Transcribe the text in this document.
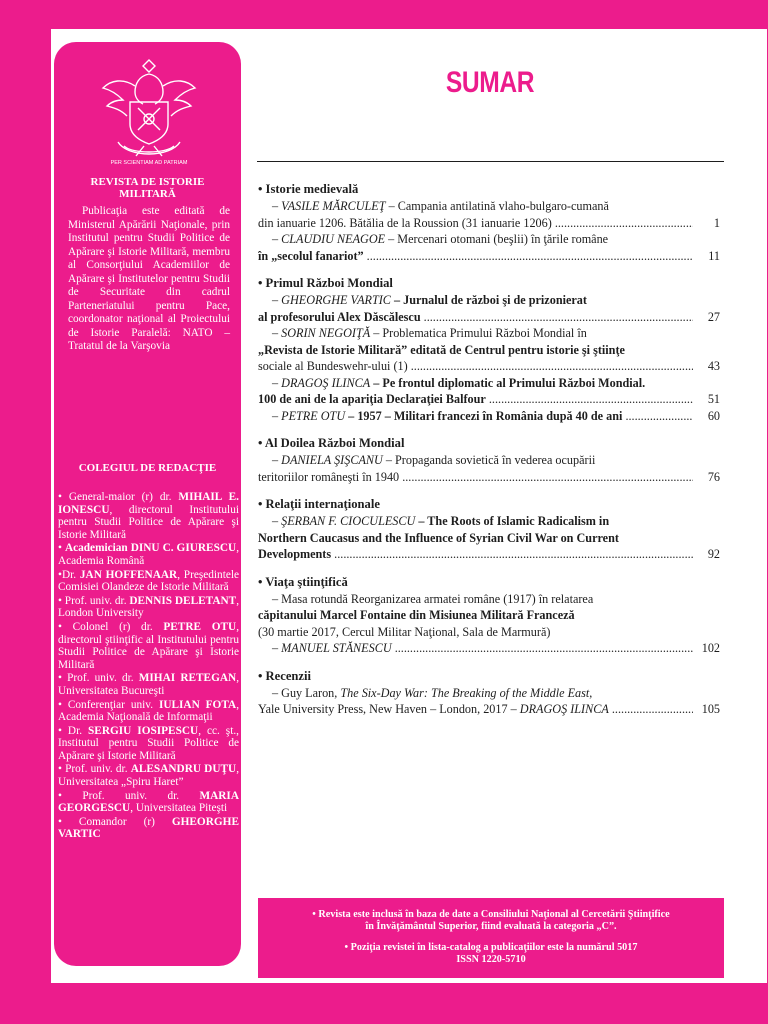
PER SCIENTIAM AD PATRIAM
REVISTA DE ISTORIE MILITARĂ
Publicaţia este editată de Ministerul Apărării Naţionale, prin Institutul pentru Studii Politice de Apărare şi Istorie Militară, membru al Consorţiului Academiilor de Apărare şi Institutelor pentru Studii de Securitate din cadrul Parteneriatului pentru Pace, coordonator naţional al Proiectului de Istorie Paralelă: NATO – Tratatul de la Varşovia
COLEGIUL DE REDACŢIE
• General-maior (r) dr. MIHAIL E. IONESCU, directorul Institutului pentru Studii Politice de Apărare şi Istorie Militară
• Academician DINU C. GIURESCU, Academia Română
•Dr. JAN HOFFENAAR, Preşedintele Comisiei Olandeze de Istorie Militară
• Prof. univ. dr. DENNIS DELETANT, London University
• Colonel (r) dr. PETRE OTU, directorul ştiinţific al Institutului pentru Studii Politice de Apărare şi Istorie Militară
• Prof. univ. dr. MIHAI RETEGAN, Universitatea Bucureşti
• Conferenţiar univ. IULIAN FOTA, Academia Naţională de Informaţii
• Dr. SERGIU IOSIPESCU, cc. şt., Institutul pentru Studii Politice de Apărare şi Istorie Militară
• Prof. univ. dr. ALESANDRU DUŢU, Universitatea „Spiru Haret”
• Prof. univ. dr. MARIA GEORGESCU, Universitatea Piteşti
• Comandor (r) GHEORGHE VARTIC
SUMAR
• Istorie medievală
– VASILE MĂRCULEŢ – Campania antilatină vlaho-bulgaro-cumană
din ianuarie 1206. Bătălia de la Roussion (31 ianuarie 1206)	1
.....
– CLAUDIU NEAGOE – Mercenari otomani (beşlii) în ţările române
în „secolul fanariot”	11
.....
• Primul Război Mondial
– GHEORGHE VARTIC – Jurnalul de război şi de prizonierat
al profesorului Alex Dăscălescu	27
.....
– SORIN NEGOIŢĂ – Problematica Primului Război Mondial în
„Revista de Istorie Militară” editată de Centrul pentru istorie şi ştiinţe
sociale al Bundeswehr-ului (1)	43
.....
– DRAGOŞ ILINCA – Pe frontul diplomatic al Primului Război Mondial.
100 de ani de la apariţia Declaraţiei Balfour	51
.....
– PETRE OTU – 1957 – Militari francezi în România după 40 de ani	60
.....
• Al Doilea Război Mondial
– DANIELA ŞIŞCANU – Propaganda sovietică în vederea ocupării
teritoriilor româneşti în 1940	76
.....
• Relaţii internaţionale
– ŞERBAN F. CIOCULESCU – The Roots of Islamic Radicalism in
Northern Caucasus and the Influence of Syrian Civil War on Current
Developments	92
.....
• Viaţa ştiinţifică
– Masa rotundă Reorganizarea armatei române (1917) în relatarea
căpitanului Marcel Fontaine din Misiunea Militară Franceză
(30 martie 2017, Cercul Militar Naţional, Sala de Marmură)
– MANUEL STĂNESCU	102
.....
• Recenzii
– Guy Laron, The Six-Day War: The Breaking of the Middle East,
Yale University Press, New Haven – London, 2017 – DRAGOŞ ILINCA	105
.....

• Revista este inclusă în baza de date a Consiliului Naţional al Cercetării Ştiinţifice

în Învăţământul Superior, fiind evaluată la categoria „C”.

• Poziţia revistei în lista-catalog a publicaţiilor este la numărul 5017

ISSN 1220-5710
